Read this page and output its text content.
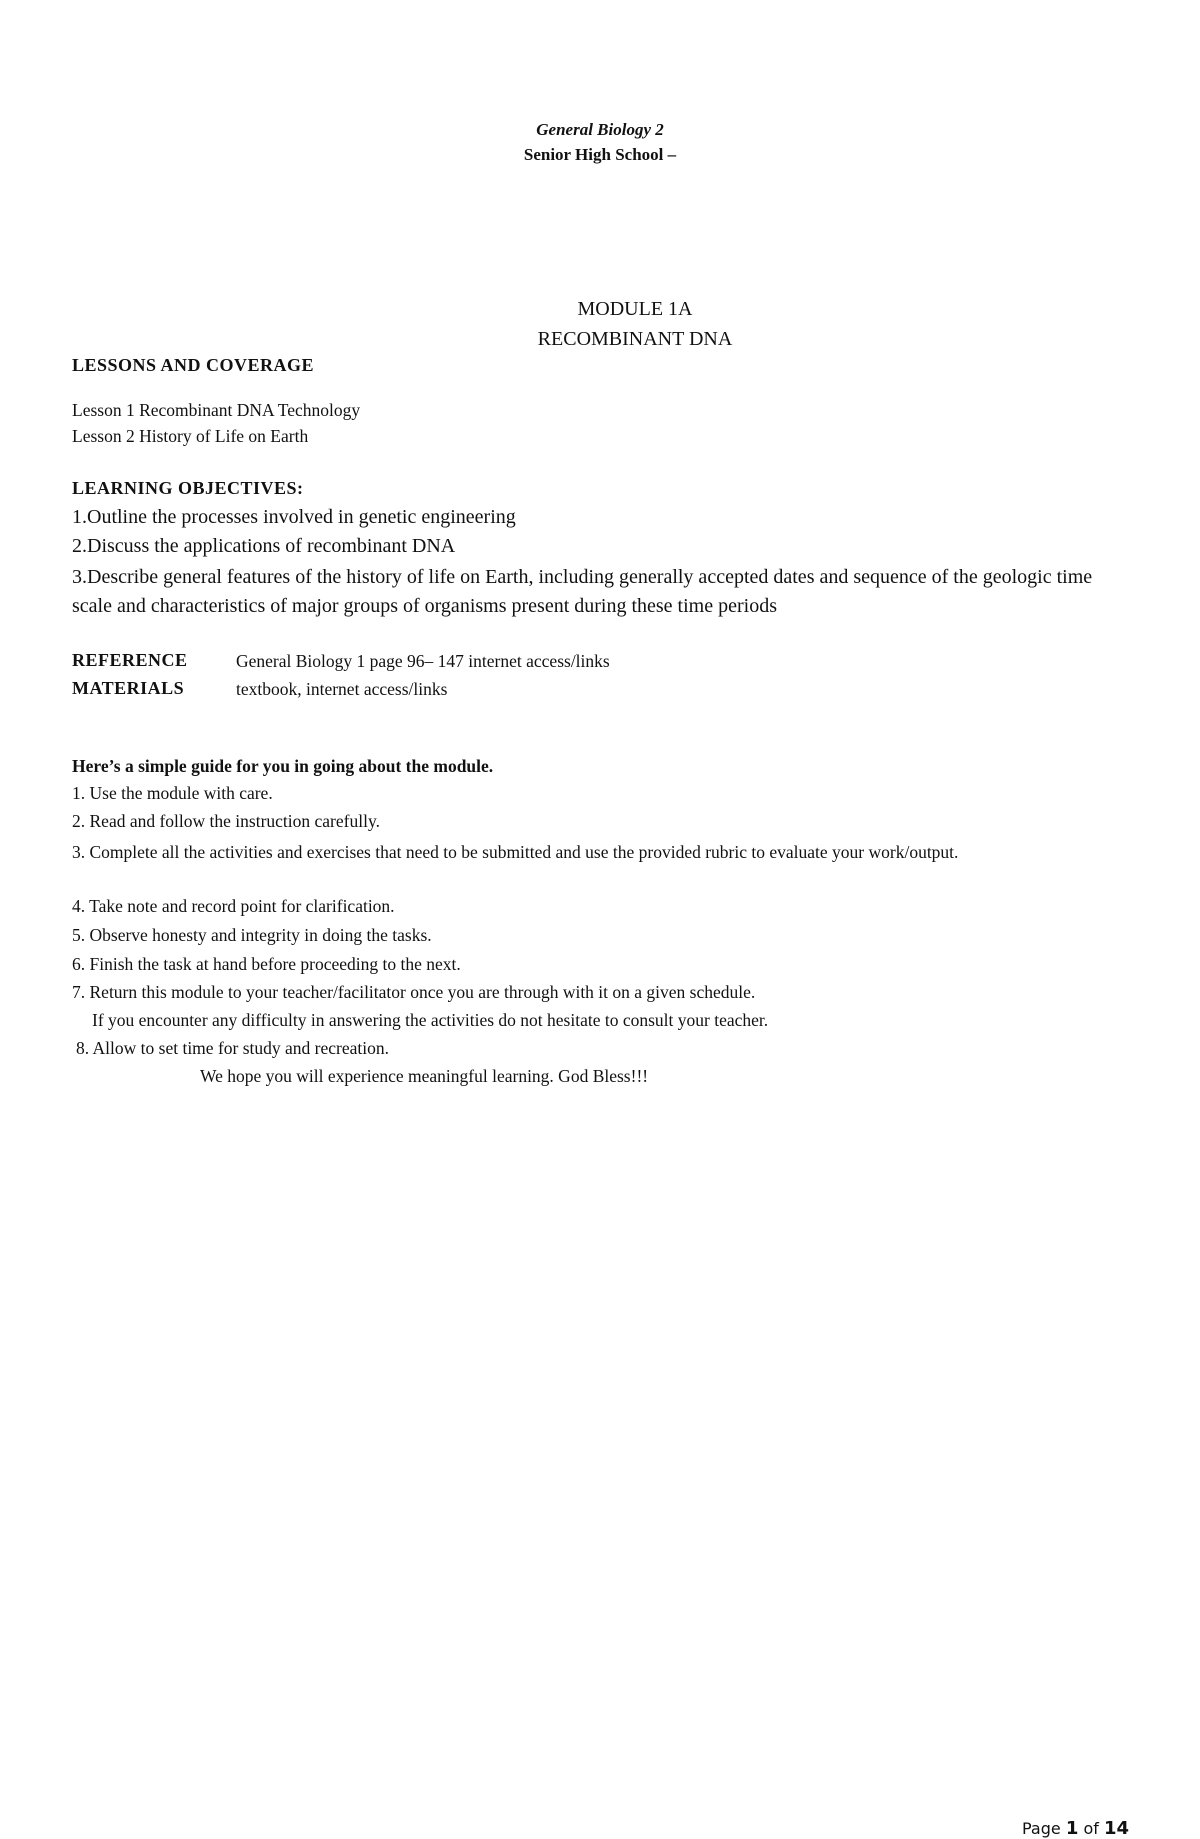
General Biology 2
Senior High School –
MODULE 1A
RECOMBINANT DNA
LESSONS AND COVERAGE
Lesson 1 Recombinant DNA Technology
Lesson 2 History of Life on Earth
LEARNING OBJECTIVES:
1.Outline the processes involved in genetic engineering
2.Discuss the applications of recombinant DNA
3.Describe general features of the history of life on Earth, including generally accepted dates and sequence of the geologic time scale and characteristics of major groups of organisms present during these time periods
REFERENCE	General Biology 1 page 96– 147 internet access/links
MATERIALS	textbook, internet access/links
Here’s a simple guide for you in going about the module.
1. Use the module with care.
2. Read and follow the instruction carefully.
3. Complete all the activities and exercises that need to be submitted and use the provided rubric to evaluate your work/output.
4. Take note and record point for clarification.
5. Observe honesty and integrity in doing the tasks.
6. Finish the task at hand before proceeding to the next.
7. Return this module to your teacher/facilitator once you are through with it on a given schedule.
If you encounter any difficulty in answering the activities do not hesitate to consult your teacher.
8. Allow to set time for study and recreation.
We hope you will experience meaningful learning. God Bless!!!
Page 1 of 14
